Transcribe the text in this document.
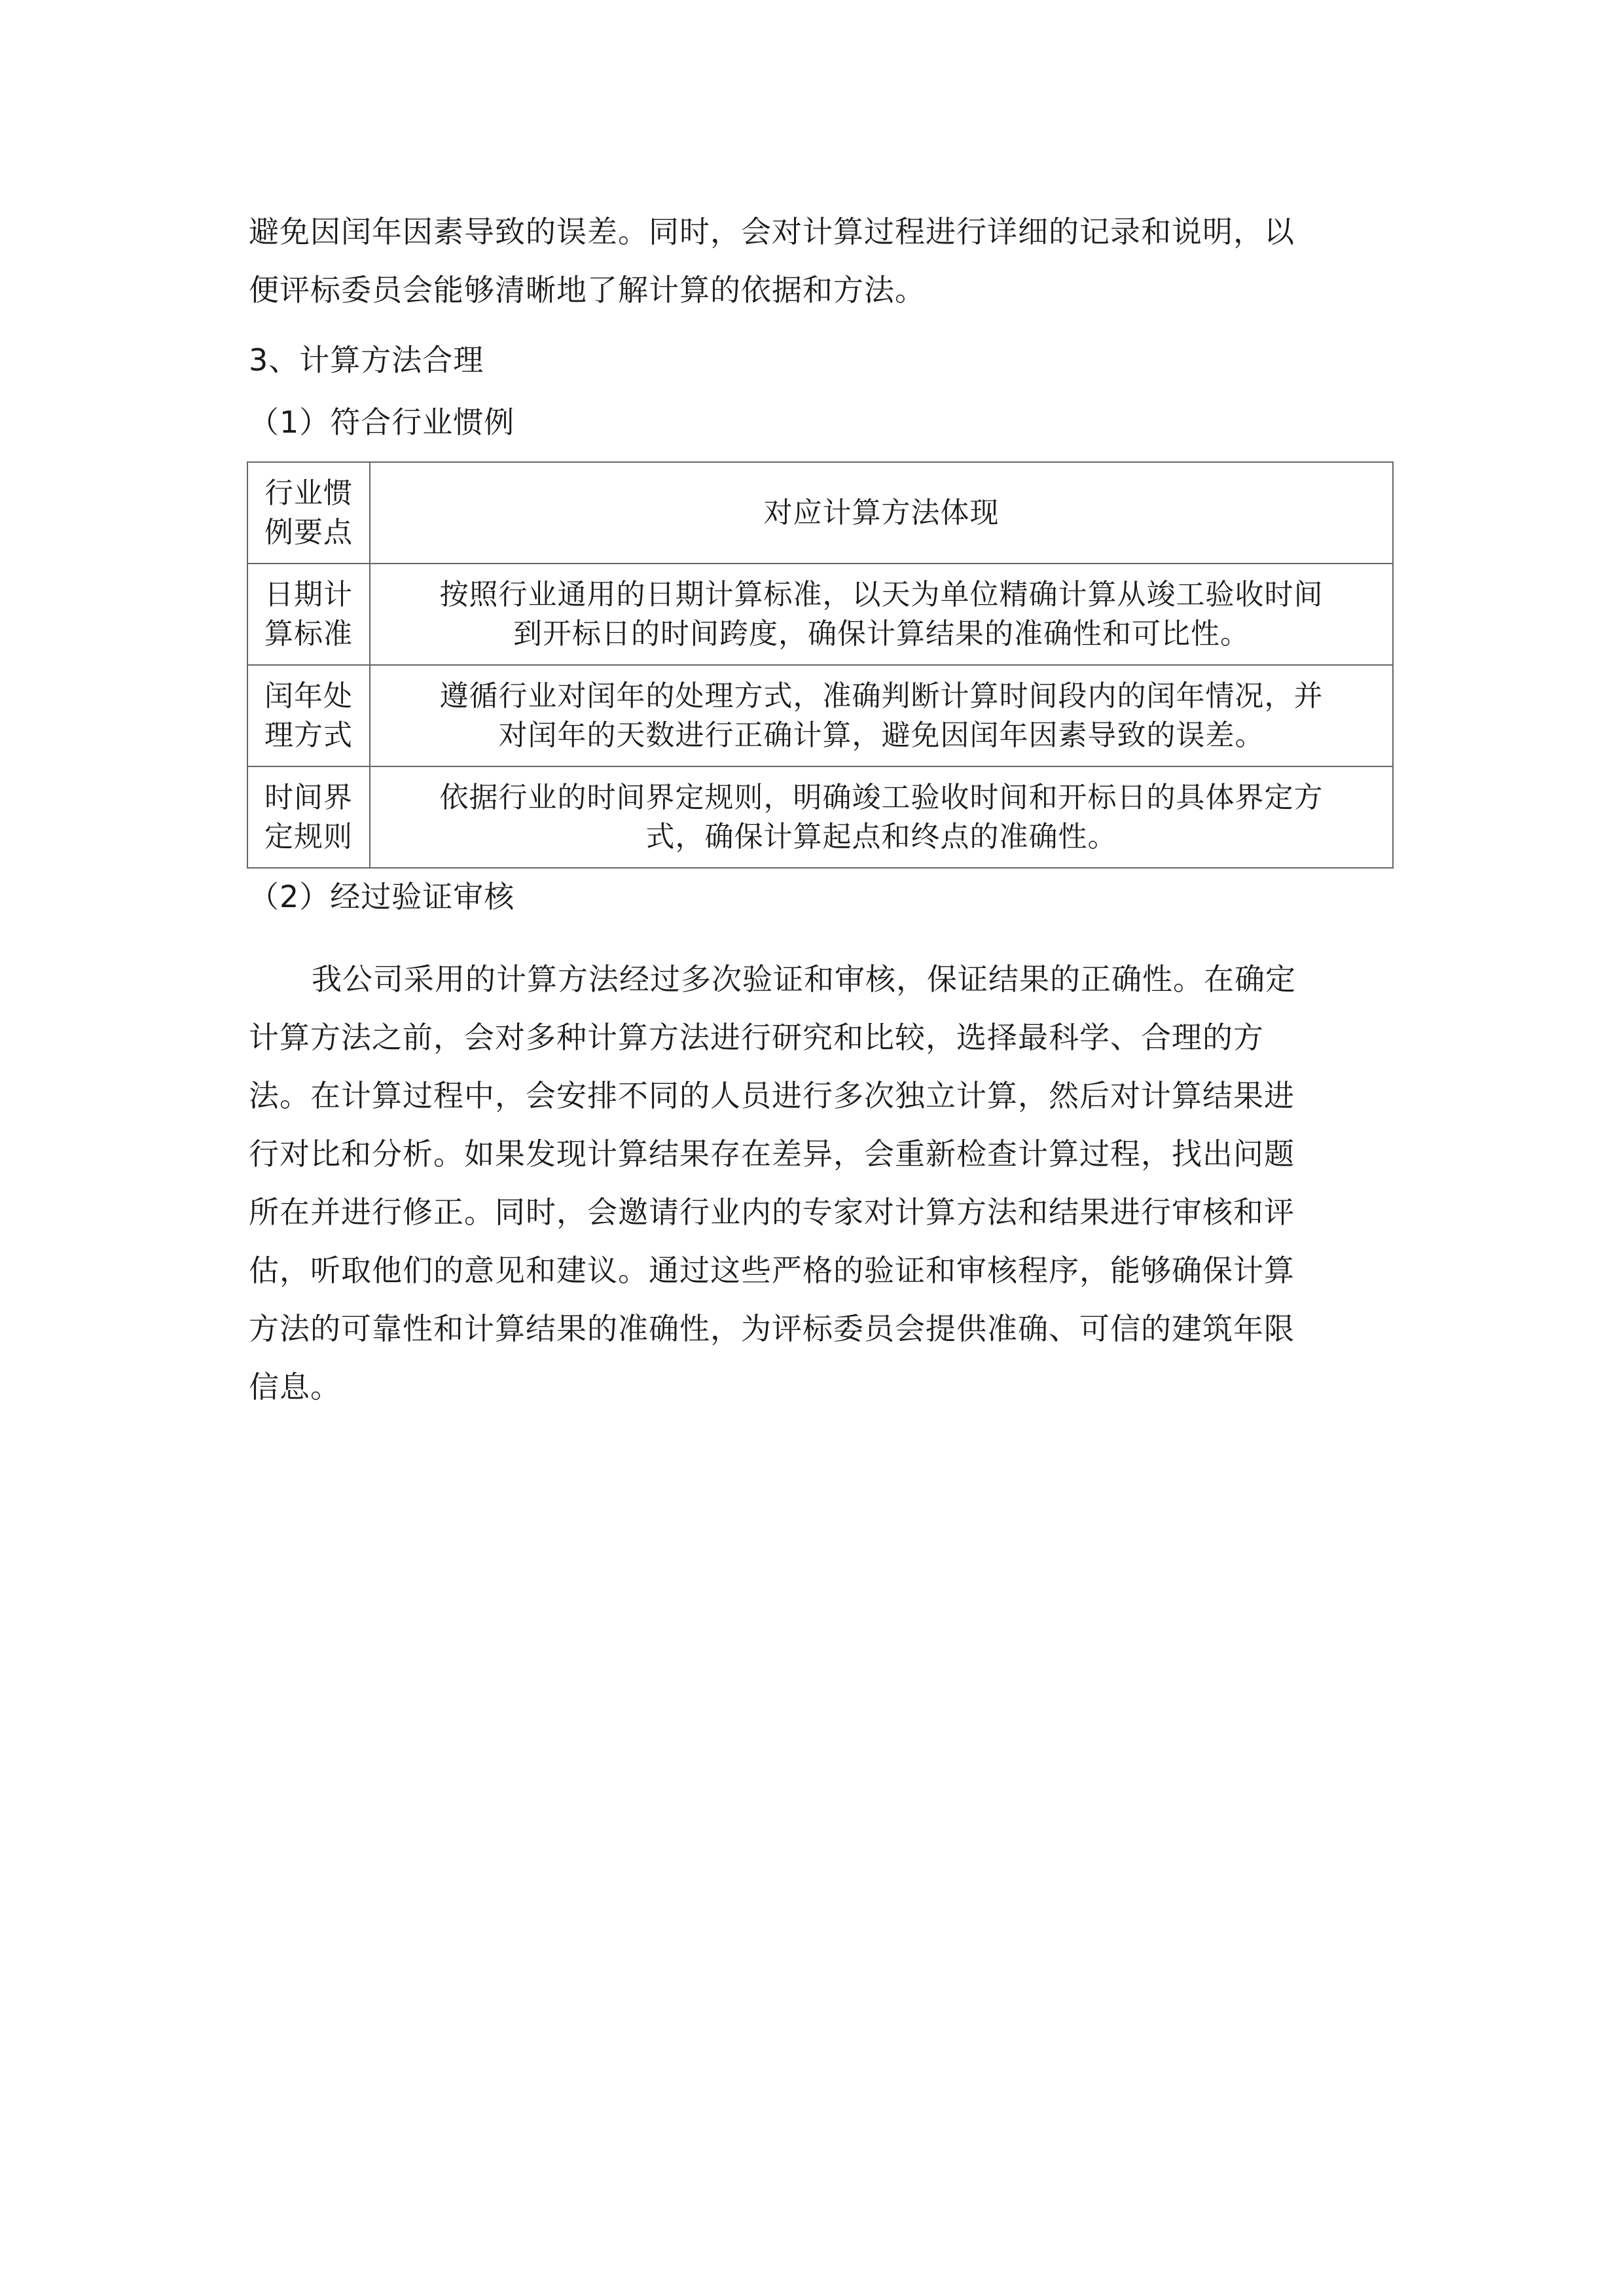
避免因闰年因素导致的误差。同时，会对计算过程进行详细的记录和说明，以
便评标委员会能够清晰地了解计算的依据和方法。

3、计算方法合理
（1）符合行业惯例
行业惯
例要点	对应计算方法体现

日期计
算标准	按照行业通用的日期计算标准，以天为单位精确计算从竣工验收时间
到开标日的时间跨度，确保计算结果的准确性和可比性。

闰年处
理方式	遵循行业对闰年的处理方式，准确判断计算时间段内的闰年情况，并
对闰年的天数进行正确计算，避免因闰年因素导致的误差。

时间界
定规则	依据行业的时间界定规则，明确竣工验收时间和开标日的具体界定方
式，确保计算起点和终点的准确性。
（2）经过验证审核

我公司采用的计算方法经过多次验证和审核，保证结果的正确性。在确定
计算方法之前，会对多种计算方法进行研究和比较，选择最科学、合理的方
法。在计算过程中，会安排不同的人员进行多次独立计算，然后对计算结果进
行对比和分析。如果发现计算结果存在差异，会重新检查计算过程，找出问题
所在并进行修正。同时，会邀请行业内的专家对计算方法和结果进行审核和评
估，听取他们的意见和建议。通过这些严格的验证和审核程序，能够确保计算
方法的可靠性和计算结果的准确性，为评标委员会提供准确、可信的建筑年限
信息。
